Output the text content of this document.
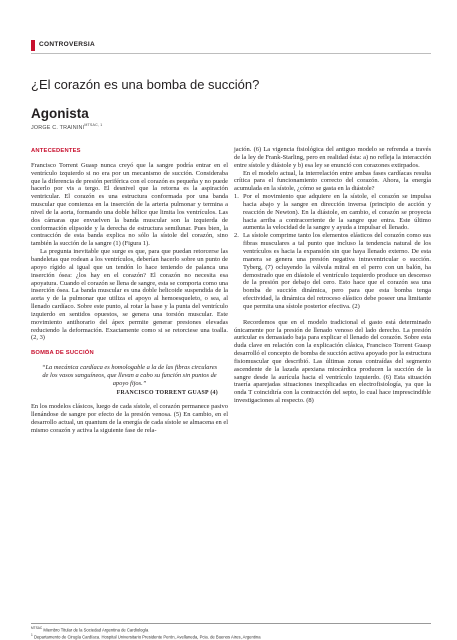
CONTROVERSIA
¿El corazón es una bomba de succión?
Agonista
JORGE C. $TRAININI^{MTSAC, 1}$
ANTECEDENTES

Francisco Torrent Guasp nunca creyó que la sangre podría entrar en el ventrículo izquierdo si no era por un mecanismo de succión. Consideraba que la diferencia de presión periférica con el corazón es pequeña y no puede hacerlo por vis a tergo. El desnivel que la retorna es la aspiración ventricular. El corazón es una estructura conformada por una banda muscular que comienza en la inserción de la arteria pulmonar y termina a nivel de la aorta, formando una doble hélice que limita los ventrículos. Las dos cámaras que envuelven la banda muscular son la izquierda de conformación elipsoide y la derecha de estructura semilunar. Pues bien, la contracción de esta banda explica no sólo la sístole del corazón, sino también la succión de la sangre (1) (Figura 1).

La pregunta inevitable que surge es que, para que puedan retorcerse las bandeletas que rodean a los ventrículos, deberían hacerlo sobre un punto de apoyo rígido al igual que un tendón lo hace teniendo de palanca una inserción ósea: ¿los hay en el corazón? El corazón no necesita esa apoyatura. Cuando el corazón se llena de sangre, esta se comporta como una inserción ósea. La banda muscular es una doble helicoide suspendida de la aorta y de la pulmonar que utiliza el apoyo al hemoesqueleto, o sea, al llenado cardíaco. Sobre este punto, al rotar la base y la punta del ventrículo izquierdo en sentidos opuestos, se genera una torsión muscular. Este movimiento antihorario del ápex permite generar presiones elevadas reduciendo la deformación. Exactamente como si se retorciese una toalla. (2, 3)

BOMBA DE SUCCIÓN
“La mecánica cardíaca es homologable a la de las fibras circulares de los vasos sanguíneos, que llevan a cabo su función sin puntos de apoyo fijos.”
FRANCISCO TORRENT GUASP (4)

En los modelos clásicos, luego de cada sístole, el corazón permanece pasivo llenándose de sangre por efecto de la presión venosa. (5) En cambio, en el desarrollo actual, un quantum de la energía de cada sístole se almacena en el mismo corazón y activa la siguiente fase de rela-

jación. (6) La vigencia fisiológica del antiguo modelo se refrenda a través de la ley de Frank-Starling, pero en realidad ésta: a) no refleja la interacción entre sístole y diástole y b) esa ley se enunció con corazones extirpados.

En el modelo actual, la interrelación entre ambas fases cardíacas resulta crítica para el funcionamiento correcto del corazón. Ahora, la energía acumulada en la sístole, ¿cómo se gasta en la diástole?

1. Por el movimiento que adquiere en la sístole, el corazón se impulsa hacia abajo y la sangre en dirección inversa (principio de acción y reacción de Newton). En la diástole, en cambio, el corazón se proyecta hacia arriba a contracorriente de la sangre que entra. Este último aumenta la velocidad de la sangre y ayuda a impulsar el llenado.
2. La sístole comprime tanto los elementos elásticos del corazón como sus fibras musculares a tal punto que incluso la tendencia natural de los ventrículos es hacia la expansión sin que haya llenado externo. De esta manera se genera una presión negativa intraventricular o succión. Tyberg, (7) ocluyendo la válvula mitral en el perro con un balón, ha demostrado que en diástole el ventrículo izquierdo produce un descenso de la presión por debajo del cero. Esto hace que el corazón sea una bomba de succión dinámica, pero para que esta bomba tenga efectividad, la dinámica del retroceso elástico debe poseer una limitante que permita una sístole posterior efectiva. (2)

Recordemos que en el modelo tradicional el gasto está determinado únicamente por la presión de llenado venoso del lado derecho. La presión auricular es demasiado baja para explicar el llenado del corazón. Sobre esta duda clave en relación con la explicación clásica, Francisco Torrent Guasp desarrolló el concepto de bomba de succión activa apoyado por la estructura fisiomuscular que describió. Las últimas zonas contraídas del segmento ascendente de la lazada apexiana miocárdica producen la succión de la sangre desde la aurícula hacia el ventrículo izquierdo. (6) Esta situación traería aparejadas situaciones inexplicadas en electrofisiología, ya que la onda T coincidiría con la contracción del septo, lo cual hace imprescindible investigaciones al respecto. (8)

$^{MTSAC}$ Miembro Titular de la Sociedad Argentina de Cardiología
$^1$ Departamento de Cirugía Cardíaca. Hospital Universitario Presidente Perón, Avellaneda, Pcia. de Buenos Aires, Argentina
